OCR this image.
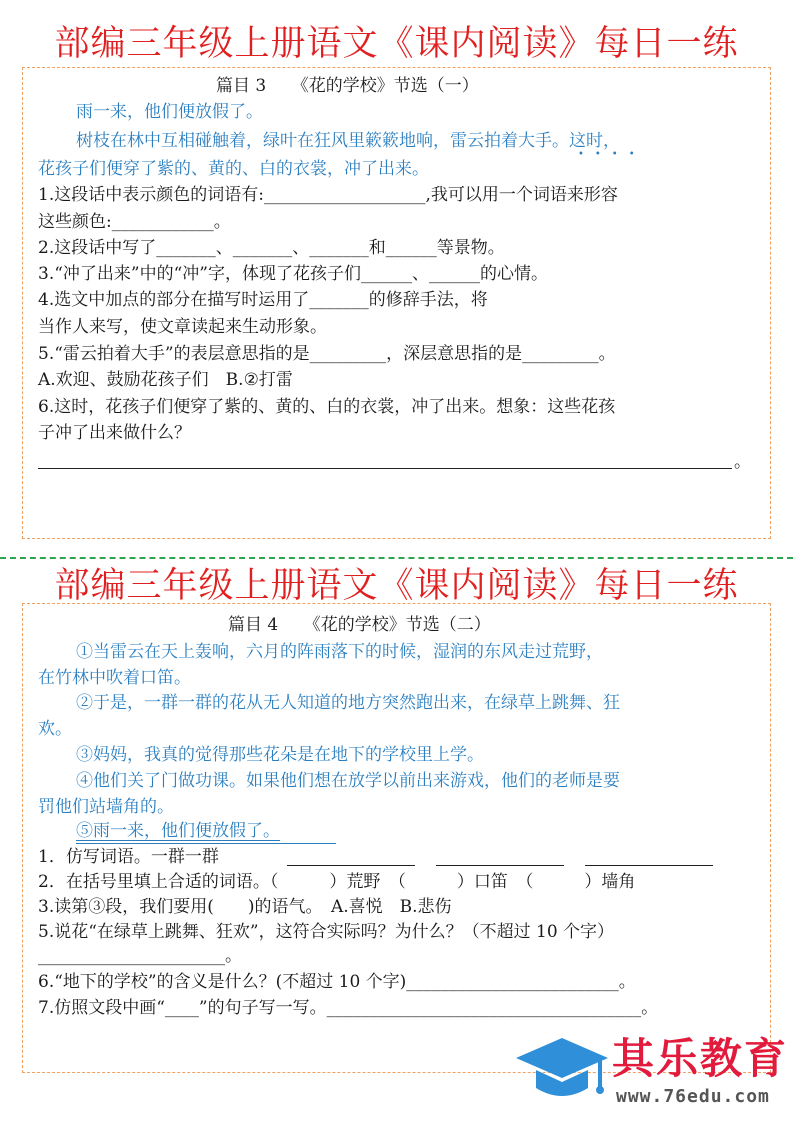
部编三年级上册语文《课内阅读》每日一练
篇目 3　　《花的学校》节选（一）
雨一来，他们便放假了。
树枝在林中互相碰触着，绿叶在狂风里簌簌地响，雷云拍着大手。这时，
花孩子们便穿了紫的、黄的、白的衣裳，冲了出来。
••••
1.这段话中表示颜色的词语有:___________________,我可以用一个词语来形容
这些颜色:____________。
2.这段话中写了_______、_______、_______和______等景物。
3.“冲了出来”中的“冲”字，体现了花孩子们______、______的心情。
4.选文中加点的部分在描写时运用了_______的修辞手法，将
当作人来写，使文章读起来生动形象。
5.“雷云拍着大手”的表层意思指的是_________，深层意思指的是_________。
A.欢迎、鼓励花孩子们　B.②打雷
6.这时，花孩子们便穿了紫的、黄的、白的衣裳，冲了出来。想象：这些花孩
子冲了出来做什么？
。
部编三年级上册语文《课内阅读》每日一练
篇目 4　　《花的学校》节选（二）
①当雷云在天上轰响，六月的阵雨落下的时候，湿润的东风走过荒野，
在竹林中吹着口笛。
②于是，一群一群的花从无人知道的地方突然跑出来，在绿草上跳舞、狂
欢。
③妈妈，我真的觉得那些花朵是在地下的学校里上学。
④他们关了门做功课。如果他们想在放学以前出来游戏，他们的老师是要
罚他们站墙角的。
⑤雨一来，他们便放假了。
1．仿写词语。一群一群
2．在括号里填上合适的词语。（　　　）荒野　（　　　）口笛　（　　　）墙角
3.读第③段，我们要用(　　)的语气。　A.喜悦　B.悲伤
5.说花“在绿草上跳舞、狂欢”，这符合实际吗？为什么？（不超过 10 个字）
______________________。
6.“地下的学校”的含义是什么？(不超过 10 个字)_________________________。
7.仿照文段中画“____”的句子写一写。_____________________________________。
其乐教育
www.76edu.com
